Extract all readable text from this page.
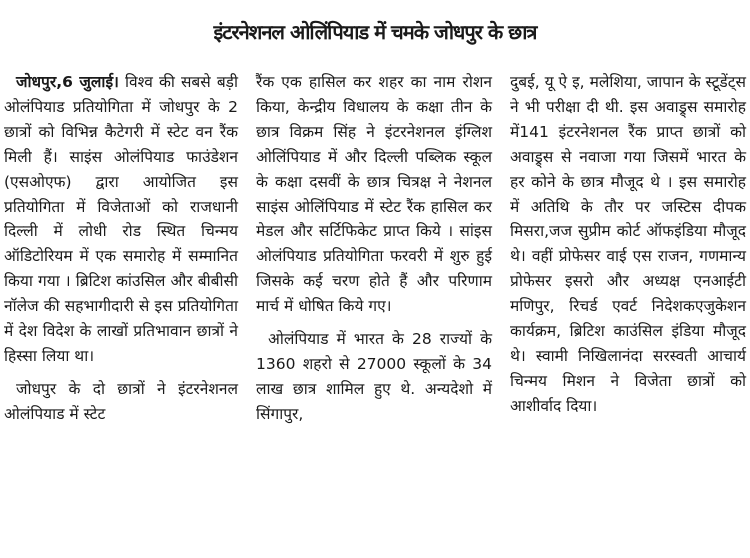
इंटरनेशनल ओलिंपियाड में चमके जोधपुर के छात्र

जोधपुर,6 जुलाई। विश्व की सबसे बड़ी ओलंपियाड प्रतियोगिता में जोधपुर के 2 छात्रों को विभिन्न कैटेगरी में स्टेट वन रैंक मिली हैं। साइंस ओलंपियाड फाउंडेशन (एसओएफ) द्वारा आयोजित इस प्रतियोगिता में विजेताओं को राजधानी दिल्ली में लोधी रोड स्थित चिन्मय ऑडिटोरियम में एक समारोह में सम्मानित किया गया । ब्रिटिश कांउसिल और बीबीसी नॉलेज की सहभागीदारी से इस प्रतियोगिता में देश विदेश के लाखों प्रतिभावान छात्रों ने हिस्सा लिया था।

जोधपुर के दो छात्रों ने इंटरनेशनल ओलंपियाड में स्टेट

रैंक एक हासिल कर शहर का नाम रोशन किया, केन्द्रीय विधालय के कक्षा तीन के छात्र विक्रम सिंह ने इंटरनेशनल इंग्लिश ओलिंपियाड में और दिल्ली पब्लिक स्कूल के कक्षा दसवीं के छात्र चित्रक्ष ने नेशनल साइंस ओलिंपियाड में स्टेट रैंक हासिल कर मेडल और सर्टिफिकेट प्राप्त किये । सांइस ओलंपियाड प्रतियोगिता फरवरी में शुरु हुई जिसके कई चरण होते हैं और परिणाम मार्च में धोषित किये गए।

ओलंपियाड में भारत के 28 राज्यों के 1360 शहरो से 27000 स्कूलों के 34 लाख छात्र शामिल हुए थे. अन्यदेशो में सिंगापुर,

दुबई, यू ऐ इ, मलेशिया, जापान के स्टूडेंट्स ने भी परीक्षा दी थी. इस अवाड्र्स समारोह में141 इंटरनेशनल रैंक प्राप्त छात्रों को अवाड्र्स से नवाजा गया जिसमें भारत के हर कोने के छात्र मौजूद थे । इस समारोह में अतिथि के तौर पर जस्टिस दीपक मिसरा,जज सुप्रीम कोर्ट ऑफइंडिया मौजूद थे। वहीं प्रोफेसर वाई एस राजन, गणमान्य प्रोफेसर इसरो और अध्यक्ष एनआईटी मणिपुर, रिचर्ड एवर्ट निदेशकएजुकेशन कार्यक्रम, ब्रिटिश काउंसिल इंडिया मौजूद थे। स्वामी निखिलानंदा सरस्वती आचार्य चिन्मय मिशन ने विजेता छात्रों को आशीर्वाद दिया।
